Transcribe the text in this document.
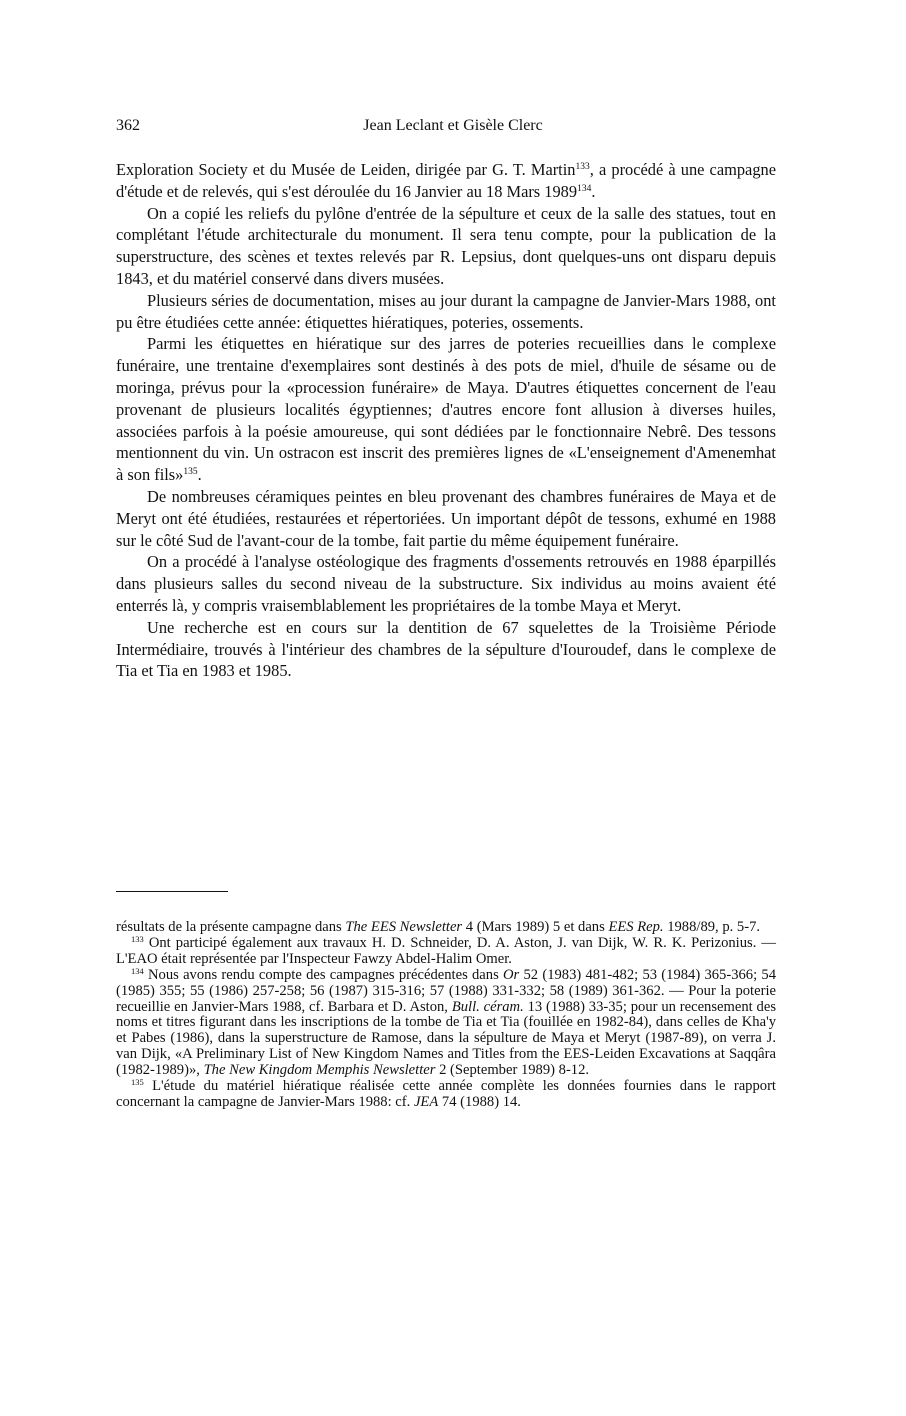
362	Jean Leclant et Gisèle Clerc

Exploration Society et du Musée de Leiden, dirigée par G. T. Martin$^{133}$, a procédé à une campagne d'étude et de relevés, qui s'est déroulée du 16 Janvier au 18 Mars 1989$^{134}$.

On a copié les reliefs du pylône d'entrée de la sépulture et ceux de la salle des statues, tout en complétant l'étude architecturale du monument. Il sera tenu compte, pour la publication de la superstructure, des scènes et textes relevés par R. Lepsius, dont quelques-uns ont disparu depuis 1843, et du matériel conservé dans divers musées.

Plusieurs séries de documentation, mises au jour durant la campagne de Janvier-Mars 1988, ont pu être étudiées cette année: étiquettes hiératiques, poteries, ossements.

Parmi les étiquettes en hiératique sur des jarres de poteries recueillies dans le complexe funéraire, une trentaine d'exemplaires sont destinés à des pots de miel, d'huile de sésame ou de moringa, prévus pour la «procession funéraire» de Maya. D'autres étiquettes concernent de l'eau provenant de plusieurs localités égyptiennes; d'autres encore font allusion à diverses huiles, associées parfois à la poésie amoureuse, qui sont dédiées par le fonctionnaire Nebrê. Des tessons mentionnent du vin. Un ostracon est inscrit des premières lignes de «L'enseignement d'Amenemhat à son fils»$^{135}$.

De nombreuses céramiques peintes en bleu provenant des chambres funéraires de Maya et de Meryt ont été étudiées, restaurées et répertoriées. Un important dépôt de tessons, exhumé en 1988 sur le côté Sud de l'avant-cour de la tombe, fait partie du même équipement funéraire.

On a procédé à l'analyse ostéologique des fragments d'ossements retrouvés en 1988 éparpillés dans plusieurs salles du second niveau de la substructure. Six individus au moins avaient été enterrés là, y compris vraisemblablement les propriétaires de la tombe Maya et Meryt.

Une recherche est en cours sur la dentition de 67 squelettes de la Troisième Période Intermédiaire, trouvés à l'intérieur des chambres de la sépulture d'Iouroudef, dans le complexe de Tia et Tia en 1983 et 1985.

résultats de la présente campagne dans The EES Newsletter 4 (Mars 1989) 5 et dans EES Rep. 1988/89, p. 5-7.

$^{133}$ Ont participé également aux travaux H. D. Schneider, D. A. Aston, J. van Dijk, W. R. K. Perizonius. — L'EAO était représentée par l'Inspecteur Fawzy Abdel-Halim Omer.

$^{134}$ Nous avons rendu compte des campagnes précédentes dans Or 52 (1983) 481-482; 53 (1984) 365-366; 54 (1985) 355; 55 (1986) 257-258; 56 (1987) 315-316; 57 (1988) 331-332; 58 (1989) 361-362. — Pour la poterie recueillie en Janvier-Mars 1988, cf. Barbara et D. Aston, Bull. céram. 13 (1988) 33-35; pour un recensement des noms et titres figurant dans les inscriptions de la tombe de Tia et Tia (fouillée en 1982-84), dans celles de Kha'y et Pabes (1986), dans la superstructure de Ramose, dans la sépulture de Maya et Meryt (1987-89), on verra J. van Dijk, «A Preliminary List of New Kingdom Names and Titles from the EES-Leiden Excavations at Saqqâra (1982-1989)», The New Kingdom Memphis Newsletter 2 (September 1989) 8-12.

$^{135}$ L'étude du matériel hiératique réalisée cette année complète les données fournies dans le rapport concernant la campagne de Janvier-Mars 1988: cf. JEA 74 (1988) 14.
